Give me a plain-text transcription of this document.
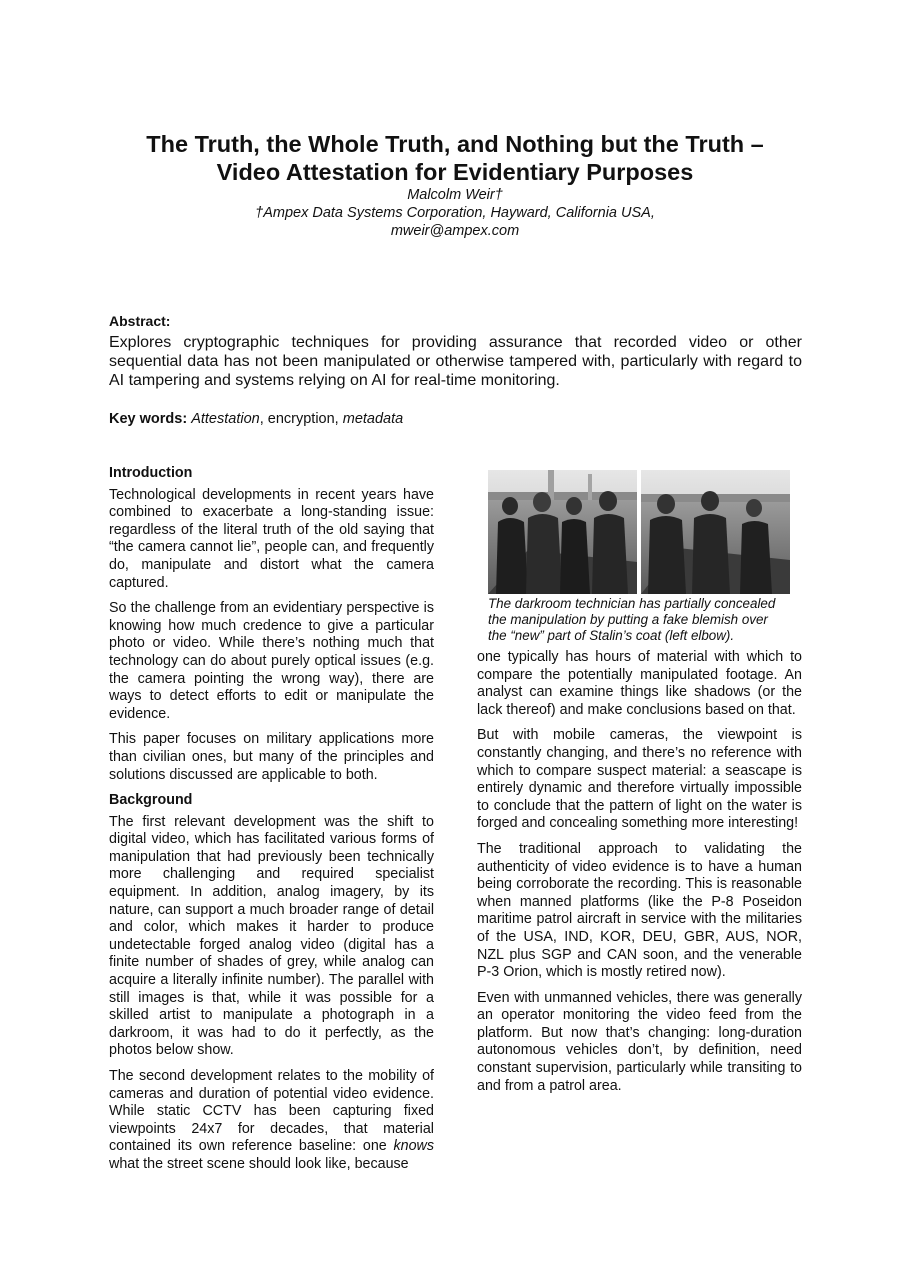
The Truth, the Whole Truth, and Nothing but the Truth –
Video Attestation for Evidentiary Purposes
Malcolm Weir†
†Ampex Data Systems Corporation, Hayward, California USA,
mweir@ampex.com
Abstract:

Explores cryptographic techniques for providing assurance that recorded video or other sequential data has not been manipulated or otherwise tampered with, particularly with regard to AI tampering and systems relying on AI for real-time monitoring.

Key words: Attestation, encryption, metadata
Introduction

Technological developments in recent years have combined to exacerbate a long-standing issue: regardless of the literal truth of the old saying that “the camera cannot lie”, people can, and frequently do, manipulate and distort what the camera captured.

So the challenge from an evidentiary perspective is knowing how much credence to give a particular photo or video. While there’s nothing much that technology can do about purely optical issues (e.g. the camera pointing the wrong way), there are ways to detect efforts to edit or manipulate the evidence.

This paper focuses on military applications more than civilian ones, but many of the principles and solutions discussed are applicable to both.

Background

The first relevant development was the shift to digital video, which has facilitated various forms of manipulation that had previously been technically more challenging and required specialist equipment. In addition, analog imagery, by its nature, can support a much broader range of detail and color, which makes it harder to produce undetectable forged analog video (digital has a finite number of shades of grey, while analog can acquire a literally infinite number). The parallel with still images is that, while it was possible for a skilled artist to manipulate a photograph in a darkroom, it was had to do it perfectly, as the photos below show.

The second development relates to the mobility of cameras and duration of potential video evidence. While static CCTV has been capturing fixed viewpoints 24x7 for decades, that material contained its own reference baseline: one knows what the street scene should look like, because

The darkroom technician has partially concealed
the manipulation by putting a fake blemish over
the “new” part of Stalin’s coat (left elbow).

one typically has hours of material with which to compare the potentially manipulated footage. An analyst can examine things like shadows (or the lack thereof) and make conclusions based on that.

But with mobile cameras, the viewpoint is constantly changing, and there’s no reference with which to compare suspect material: a seascape is entirely dynamic and therefore virtually impossible to conclude that the pattern of light on the water is forged and concealing something more interesting!

The traditional approach to validating the authenticity of video evidence is to have a human being corroborate the recording. This is reasonable when manned platforms (like the P-8 Poseidon maritime patrol aircraft in service with the militaries of the USA, IND, KOR, DEU, GBR, AUS, NOR, NZL plus SGP and CAN soon, and the venerable P-3 Orion, which is mostly retired now).

Even with unmanned vehicles, there was generally an operator monitoring the video feed from the platform. But now that’s changing: long-duration autonomous vehicles don’t, by definition, need constant supervision, particularly while transiting to and from a patrol area.
